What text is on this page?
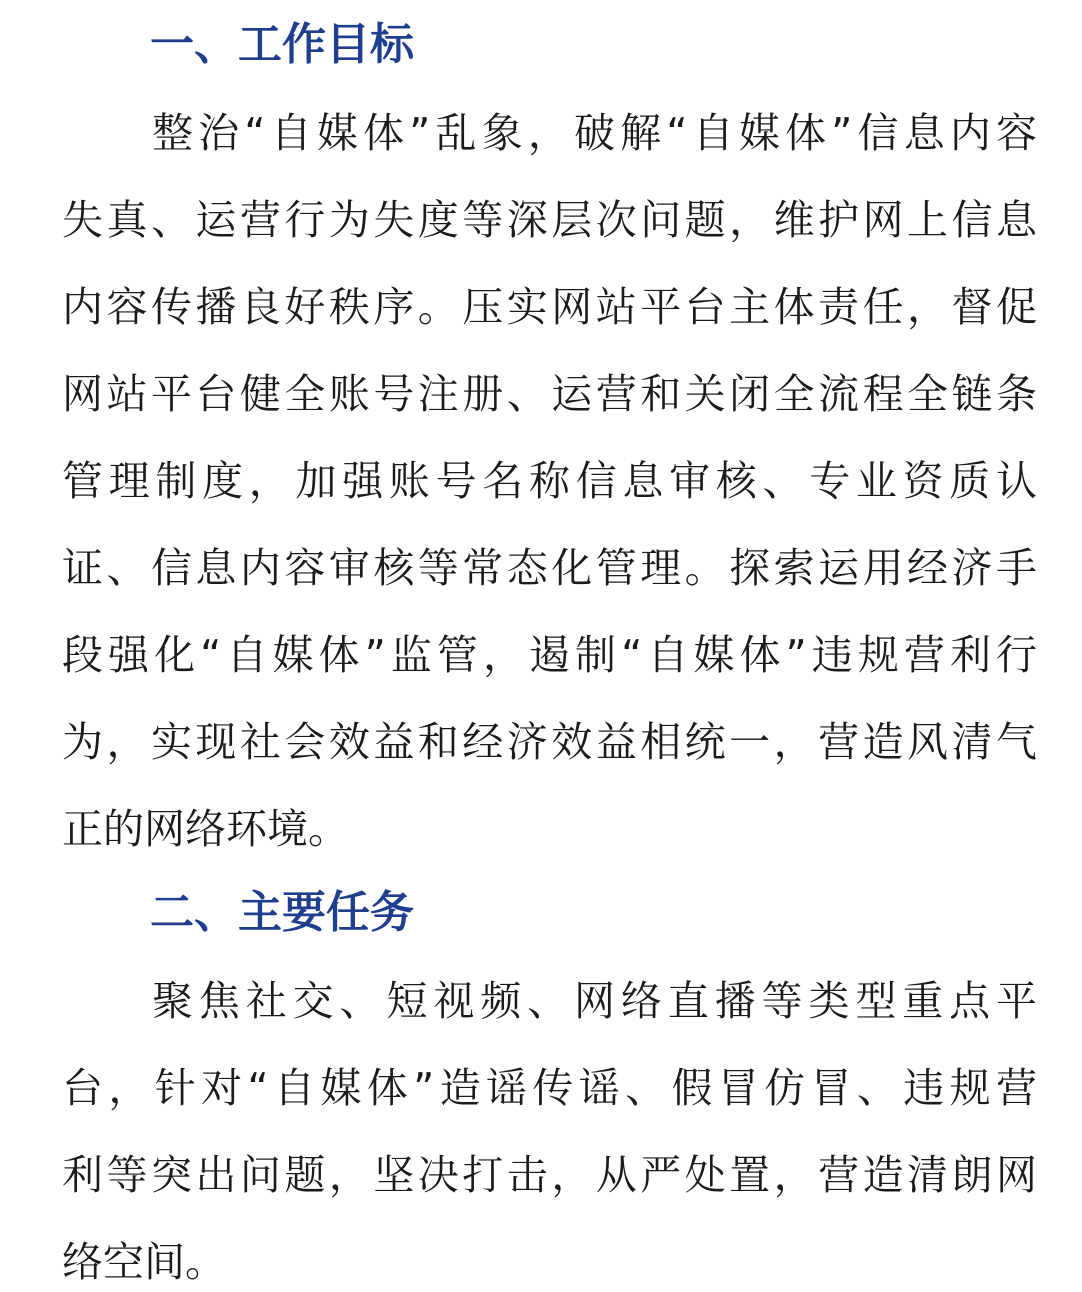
一、工作目标

整治“自媒体”乱象，破解“自媒体”信息内容

失真、运营行为失度等深层次问题，维护网上信息

内容传播良好秩序。压实网站平台主体责任，督促

网站平台健全账号注册、运营和关闭全流程全链条

管理制度，加强账号名称信息审核、专业资质认

证、信息内容审核等常态化管理。探索运用经济手

段强化“自媒体”监管，遏制“自媒体”违规营利行

为，实现社会效益和经济效益相统一，营造风清气

正的网络环境。

二、主要任务

聚焦社交、短视频、网络直播等类型重点平

台，针对“自媒体”造谣传谣、假冒仿冒、违规营

利等突出问题，坚决打击，从严处置，营造清朗网

络空间。
